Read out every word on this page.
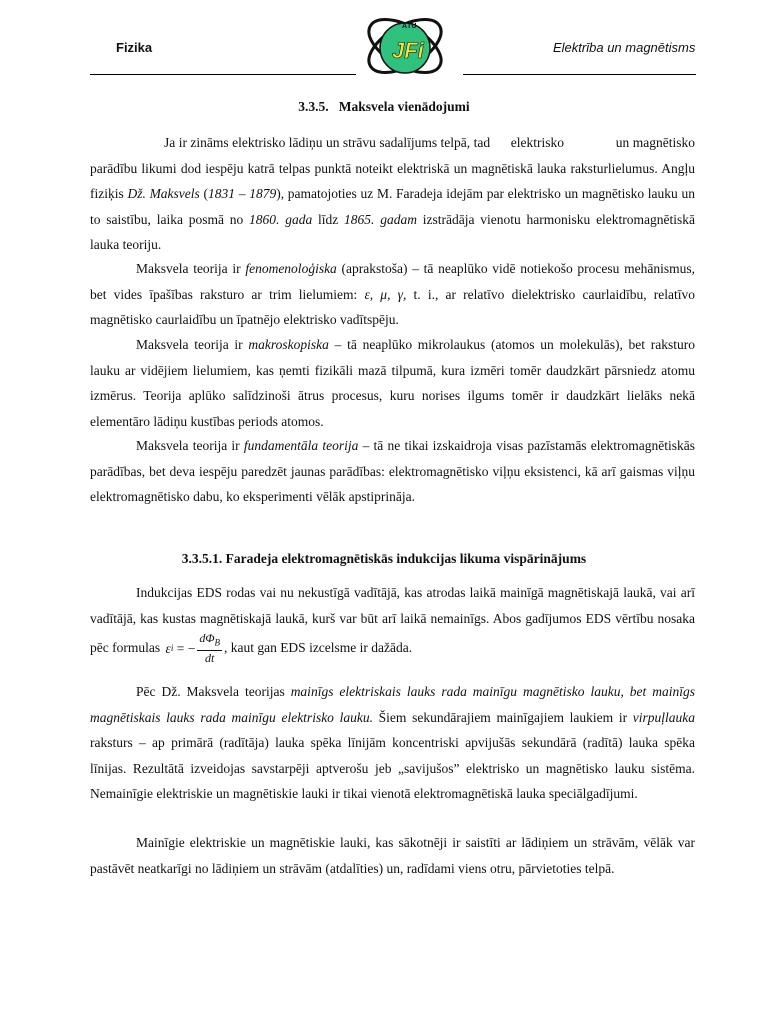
Fizika	Elektrība un magnētisms
ĀTU
JFi
3.3.5.   Maksvela vienādojumi
Ja ir zināms elektrisko lādiņu un strāvu sadalījums telpā, tad      elektrisko               un magnētisko parādību likumi dod iespēju katrā telpas punktā noteikt elektriskā un magnētiskā lauka raksturlielumus. Angļu fiziķis Dž. Maksvels (1831 – 1879), pamatojoties uz M. Faradeja idejām par elektrisko un magnētisko lauku un to saistību, laika posmā no 1860. gada līdz 1865. gadam izstrādāja vienotu harmonisku elektromagnētiskā lauka teoriju.
Maksvela teorija ir fenomenoloģiska (aprakstoša) – tā neaplūko vidē notiekošo procesu mehānismus, bet vides īpašības raksturo ar trim lielumiem: ε, μ, γ, t. i., ar relatīvo dielektrisko caurlaidību, relatīvo magnētisko caurlaidību un īpatnējo elektrisko vadītspēju.
Maksvela teorija ir makroskopiska – tā neaplūko mikrolaukus (atomos un molekulās), bet raksturo lauku ar vidējiem lielumiem, kas ņemti fizikāli mazā tilpumā, kura izmēri tomēr daudzkārt pārsniedz atomu izmērus. Teorija aplūko salīdzinoši ātrus procesus, kuru norises ilgums tomēr ir daudzkārt lielāks nekā elementāro lādiņu kustības periods atomos.
Maksvela teorija ir fundamentāla teorija – tā ne tikai izskaidroja visas pazīstamās elektromagnētiskās parādības, bet deva iespēju paredzēt jaunas parādības: elektromagnētisko viļņu eksistenci, kā arī gaismas viļņu elektromagnētisko dabu, ko eksperimenti vēlāk apstiprināja.
3.3.5.1. Faradeja elektromagnētiskās indukcijas likuma vispārinājums
Indukcijas EDS rodas vai nu nekustīgā vadītājā, kas atrodas laikā mainīgā magnētiskajā laukā, vai arī vadītājā, kas kustas magnētiskajā laukā, kurš var būt arī laikā nemainīgs. Abos gadījumos EDS vērtību nosaka pēc formulas ε i = − $\frac{d\Phi_B}{dt}$ , kaut gan EDS izcelsme ir dažāda.
Pēc Dž. Maksvela teorijas mainīgs elektriskais lauks rada mainīgu magnētisko lauku, bet mainīgs magnētiskais lauks rada mainīgu elektrisko lauku. Šiem sekundārajiem mainīgajiem laukiem ir virpuļlauka raksturs – ap primārā (radītāja) lauka spēka līnijām koncentriski apvijušās sekundārā (radītā) lauka spēka līnijas. Rezultātā izveidojas savstarpēji aptverošu jeb „savijušos” elektrisko un magnētisko lauku sistēma. Nemainīgie elektriskie un magnētiskie lauki ir tikai vienotā elektromagnētiskā lauka speciālgadījumi.
Mainīgie elektriskie un magnētiskie lauki, kas sākotnēji ir saistīti ar lādiņiem un strāvām, vēlāk var pastāvēt neatkarīgi no lādiņiem un strāvām (atdalīties) un, radīdami viens otru, pārvietoties telpā.
